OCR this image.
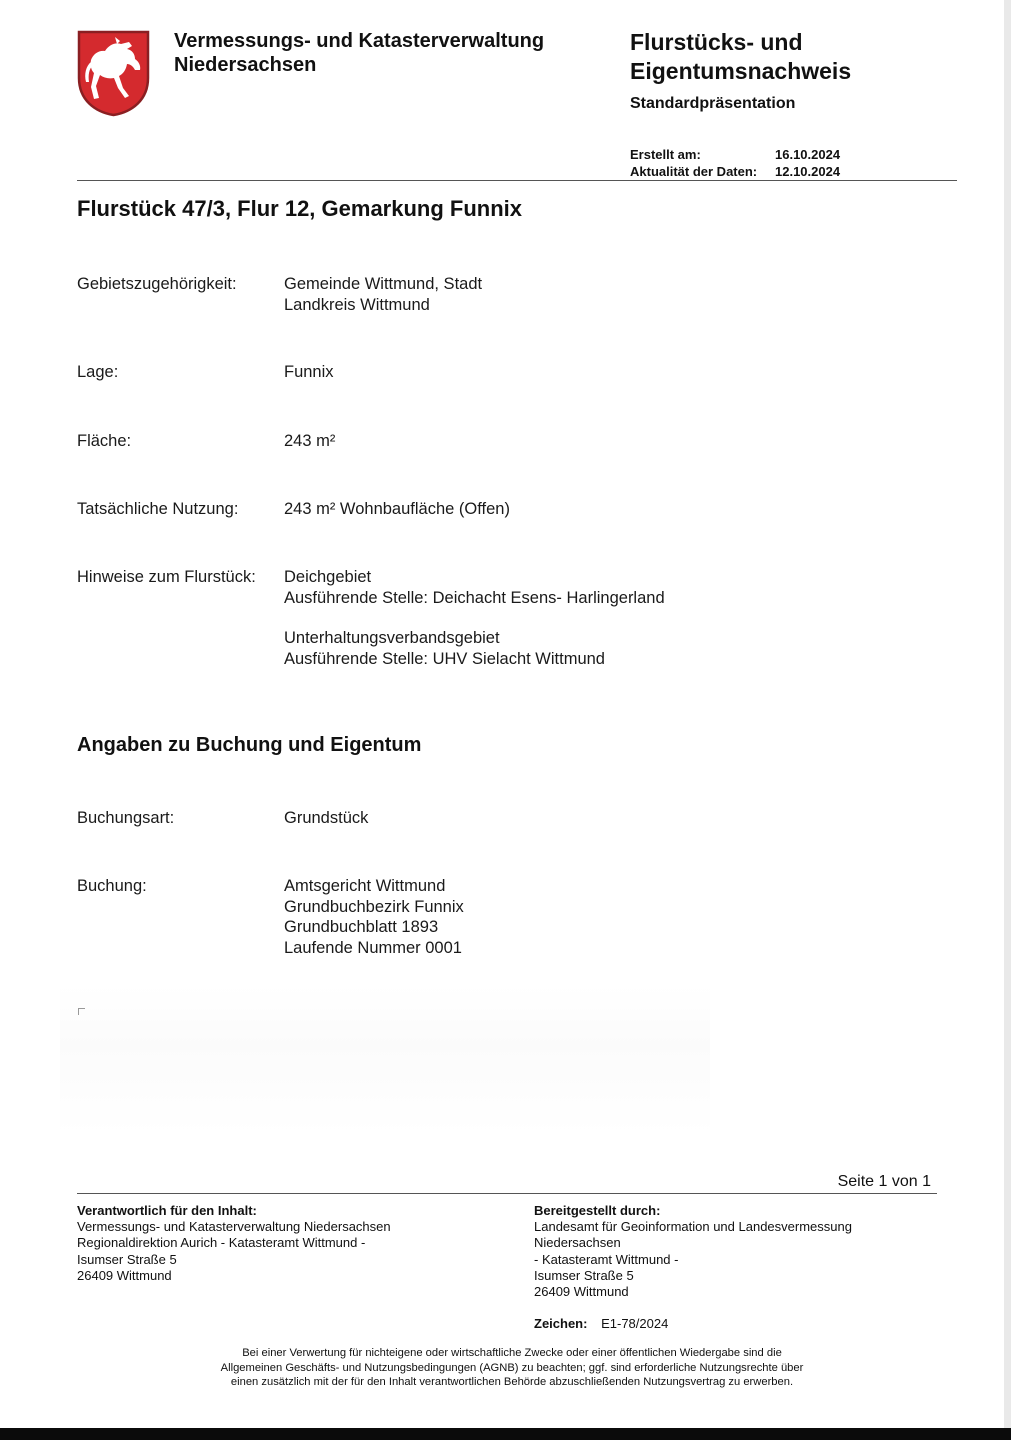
Vermessungs- und Katasterverwaltung
Niedersachsen
Flurstücks- und
Eigentumsnachweis
Standardpräsentation
Erstellt am:	16.10.2024
Aktualität der Daten:	12.10.2024
Flurstück 47/3, Flur 12, Gemarkung Funnix
Gebietszugehörigkeit:	Gemeinde Wittmund, Stadt
Landkreis Wittmund
Lage:	Funnix
Fläche:	243 m²
Tatsächliche Nutzung:	243 m² Wohnbaufläche (Offen)
Hinweise zum Flurstück: Deichgebiet
Ausführende Stelle: Deichacht Esens- Harlingerland
Unterhaltungsverbandsgebiet
Ausführende Stelle: UHV Sielacht Wittmund
Angaben zu Buchung und Eigentum
Buchungsart:	Grundstück
Buchung:	Amtsgericht Wittmund
Grundbuchbezirk Funnix
Grundbuchblatt 1893
Laufende Nummer 0001
Seite 1 von 1
Verantwortlich für den Inhalt:
Vermessungs- und Katasterverwaltung Niedersachsen
Regionaldirektion Aurich - Katasteramt Wittmund -
Isumser Straße 5
26409 Wittmund
Bereitgestellt durch:
Landesamt für Geoinformation und Landesvermessung
Niedersachsen
- Katasteramt Wittmund -
Isumser Straße 5
26409 Wittmund
Zeichen: E1-78/2024
Bei einer Verwertung für nichteigene oder wirtschaftliche Zwecke oder einer öffentlichen Wiedergabe sind die
Allgemeinen Geschäfts- und Nutzungsbedingungen (AGNB) zu beachten; ggf. sind erforderliche Nutzungsrechte über
einen zusätzlich mit der für den Inhalt verantwortlichen Behörde abzuschließenden Nutzungsvertrag zu erwerben.
